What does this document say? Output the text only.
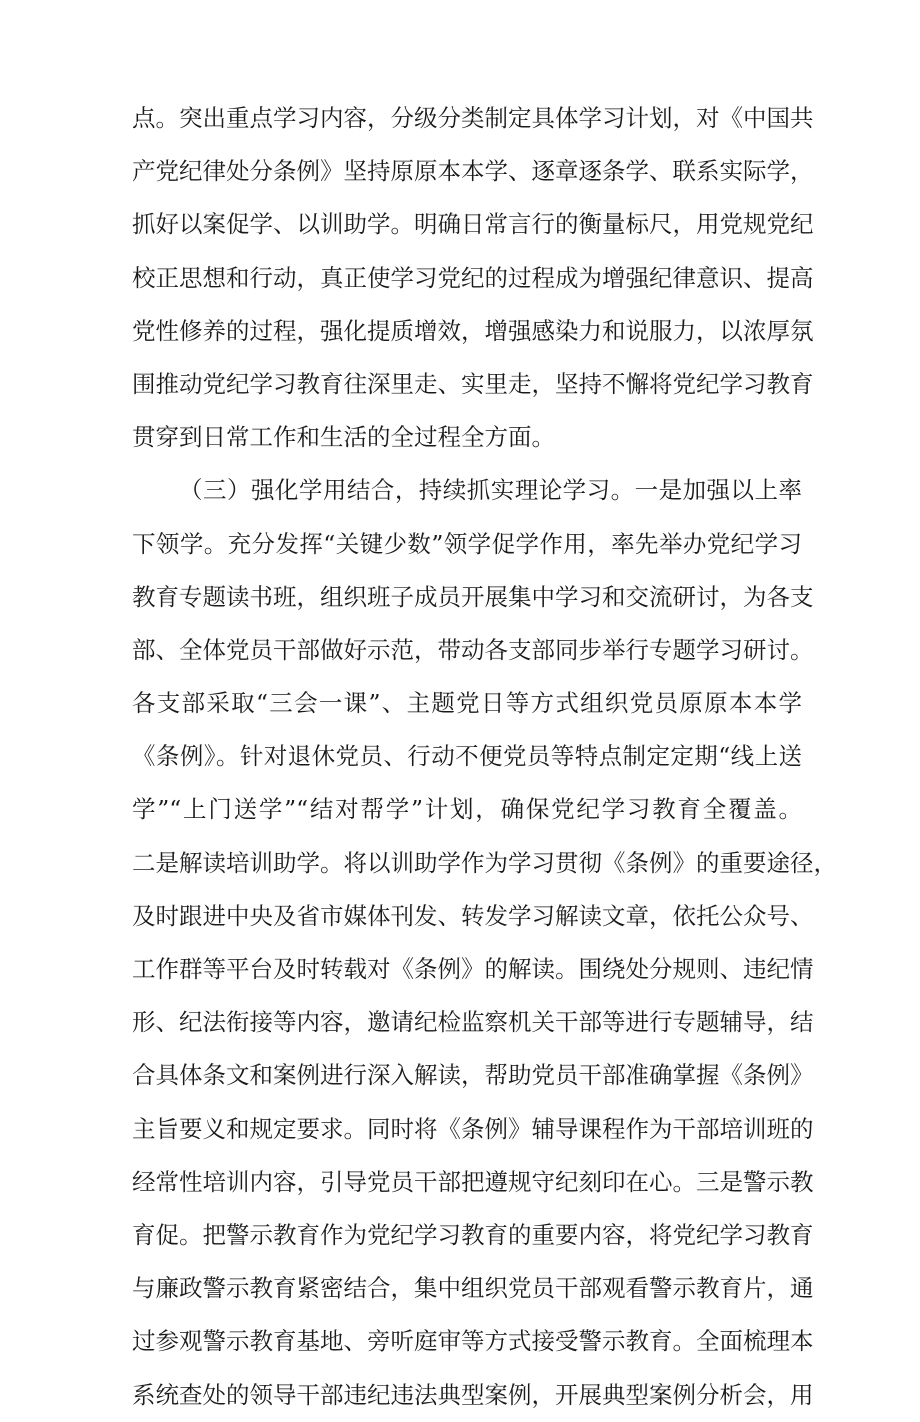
点。突出重点学习内容，分级分类制定具体学习计划，对《中国共
产党纪律处分条例》坚持原原本本学、逐章逐条学、联系实际学，
抓好以案促学、以训助学。明确日常言行的衡量标尺，用党规党纪
校正思想和行动，真正使学习党纪的过程成为增强纪律意识、提高
党性修养的过程，强化提质增效，增强感染力和说服力，以浓厚氛
围推动党纪学习教育往深里走、实里走，坚持不懈将党纪学习教育
贯穿到日常工作和生活的全过程全方面。
（三）强化学用结合，持续抓实理论学习。一是加强以上率
下领学。充分发挥“关键少数”领学促学作用，率先举办党纪学习
教育专题读书班，组织班子成员开展集中学习和交流研讨，为各支
部、全体党员干部做好示范，带动各支部同步举行专题学习研讨。
各支部采取“三会一课”、主题党日等方式组织党员原原本本学
《条例》。针对退休党员、行动不便党员等特点制定定期“线上送
学”“上门送学”“结对帮学”计划，确保党纪学习教育全覆盖。
二是解读培训助学。将以训助学作为学习贯彻《条例》的重要途径，
及时跟进中央及省市媒体刊发、转发学习解读文章，依托公众号、
工作群等平台及时转载对《条例》的解读。围绕处分规则、违纪情
形、纪法衔接等内容，邀请纪检监察机关干部等进行专题辅导，结
合具体条文和案例进行深入解读，帮助党员干部准确掌握《条例》
主旨要义和规定要求。同时将《条例》辅导课程作为干部培训班的
经常性培训内容，引导党员干部把遵规守纪刻印在心。三是警示教
育促。把警示教育作为党纪学习教育的重要内容，将党纪学习教育
与廉政警示教育紧密结合，集中组织党员干部观看警示教育片，通
过参观警示教育基地、旁听庭审等方式接受警示教育。全面梳理本
系统查处的领导干部违纪违法典型案例，开展典型案例分析会，用
